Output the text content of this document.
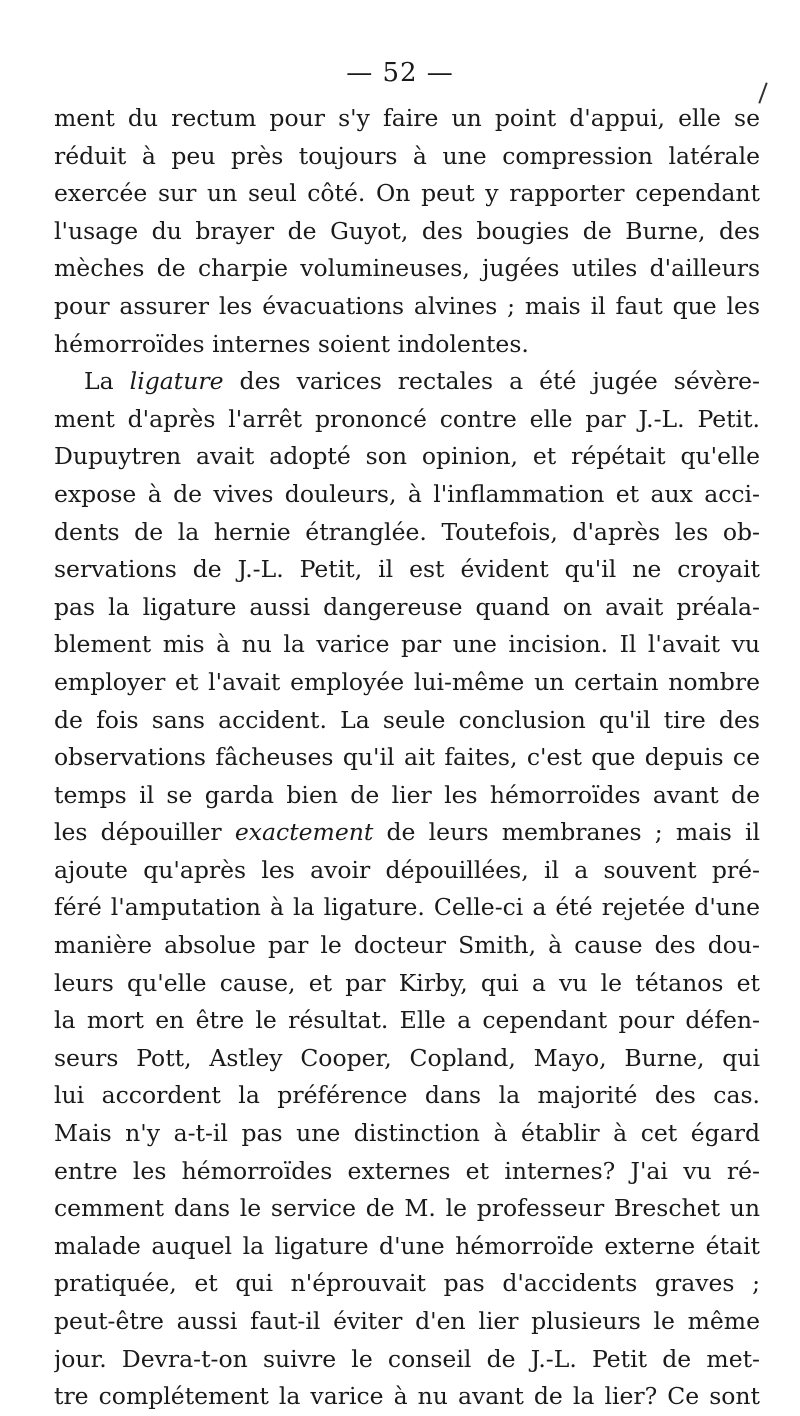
— 52 —
ment du rectum pour s'y faire un point d'appui, elle se
réduit à peu près toujours à une compression latérale
exercée sur un seul côté. On peut y rapporter cependant
l'usage du brayer de Guyot, des bougies de Burne, des
mèches de charpie volumineuses, jugées utiles d'ailleurs
pour assurer les évacuations alvines ; mais il faut que les
hémorroïdes internes soient indolentes.
La ligature des varices rectales a été jugée sévère-
ment d'après l'arrêt prononcé contre elle par J.-L. Petit.
Dupuytren avait adopté son opinion, et répétait qu'elle
expose à de vives douleurs, à l'inflammation et aux acci-
dents de la hernie étranglée. Toutefois, d'après les ob-
servations de J.-L. Petit, il est évident qu'il ne croyait
pas la ligature aussi dangereuse quand on avait préala-
blement mis à nu la varice par une incision. Il l'avait vu
employer et l'avait employée lui-même un certain nombre
de fois sans accident. La seule conclusion qu'il tire des
observations fâcheuses qu'il ait faites, c'est que depuis ce
temps il se garda bien de lier les hémorroïdes avant de
les dépouiller exactement de leurs membranes ; mais il
ajoute qu'après les avoir dépouillées, il a souvent pré-
féré l'amputation à la ligature. Celle-ci a été rejetée d'une
manière absolue par le docteur Smith, à cause des dou-
leurs qu'elle cause, et par Kirby, qui a vu le tétanos et
la mort en être le résultat. Elle a cependant pour défen-
seurs Pott, Astley Cooper, Copland, Mayo, Burne, qui
lui accordent la préférence dans la majorité des cas.
Mais n'y a-t-il pas une distinction à établir à cet égard
entre les hémorroïdes externes et internes? J'ai vu ré-
cemment dans le service de M. le professeur Breschet un
malade auquel la ligature d'une hémorroïde externe était
pratiquée, et qui n'éprouvait pas d'accidents graves ;
peut-être aussi faut-il éviter d'en lier plusieurs le même
jour. Devra-t-on suivre le conseil de J.-L. Petit de met-
tre complétement la varice à nu avant de la lier? Ce sont
